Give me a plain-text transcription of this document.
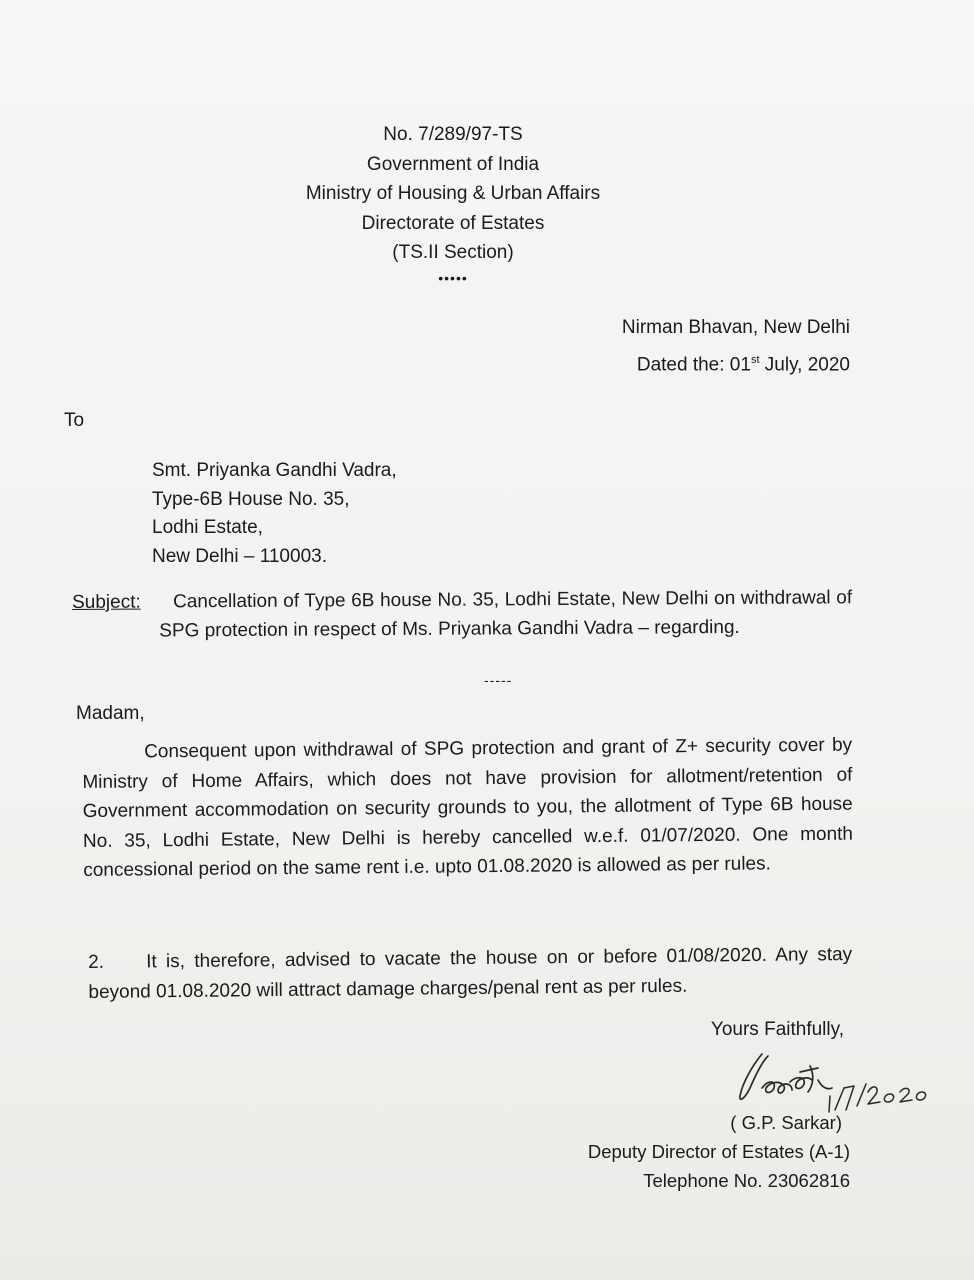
No. 7/289/97-TS
Government of India
Ministry of Housing & Urban Affairs
Directorate of Estates
(TS.II Section)
•••••
Nirman Bhavan, New Delhi
Dated the: 01st July, 2020
To
Smt. Priyanka Gandhi Vadra,
Type-6B House No. 35,
Lodhi Estate,
New Delhi – 110003.
Subject:	Cancellation of Type 6B house No. 35, Lodhi Estate, New Delhi on withdrawal of SPG protection in respect of Ms. Priyanka Gandhi Vadra – regarding.
-----
Madam,
Consequent upon withdrawal of SPG protection and grant of Z+ security cover by Ministry of Home Affairs, which does not have provision for allotment/retention of Government accommodation on security grounds to you, the allotment of Type 6B house No. 35, Lodhi Estate, New Delhi is hereby cancelled w.e.f. 01/07/2020. One month concessional period on the same rent i.e. upto 01.08.2020 is allowed as per rules.
2. It is, therefore, advised to vacate the house on or before 01/08/2020. Any stay beyond 01.08.2020 will attract damage charges/penal rent as per rules.
Yours Faithfully,
( G.P. Sarkar)
Deputy Director of Estates (A-1)
Telephone No. 23062816
